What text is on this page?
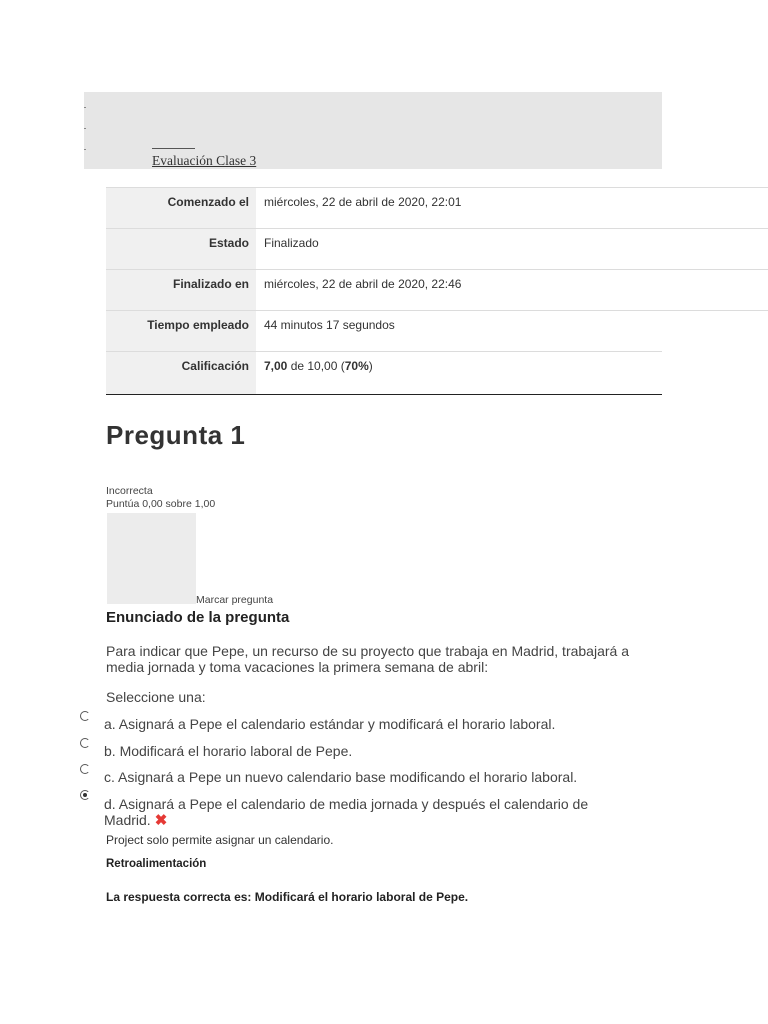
Evaluación Clase 3
Comenzado el	miércoles, 22 de abril de 2020, 22:01
Estado	Finalizado
Finalizado en	miércoles, 22 de abril de 2020, 22:46
Tiempo empleado	44 minutos 17 segundos
Calificación	7,00 de 10,00 (70%)
Pregunta 1
Incorrecta
Puntúa 0,00 sobre 1,00
Marcar pregunta
Enunciado de la pregunta
Para indicar que Pepe, un recurso de su proyecto que trabaja en Madrid, trabajará a media jornada y toma vacaciones la primera semana de abril:
Seleccione una:
a. Asignará a Pepe el calendario estándar y modificará el horario laboral.
b. Modificará el horario laboral de Pepe.
c. Asignará a Pepe un nuevo calendario base modificando el horario laboral.
d. Asignará a Pepe el calendario de media jornada y después el calendario de Madrid. ✖
Project solo permite asignar un calendario.
Retroalimentación
La respuesta correcta es: Modificará el horario laboral de Pepe.
